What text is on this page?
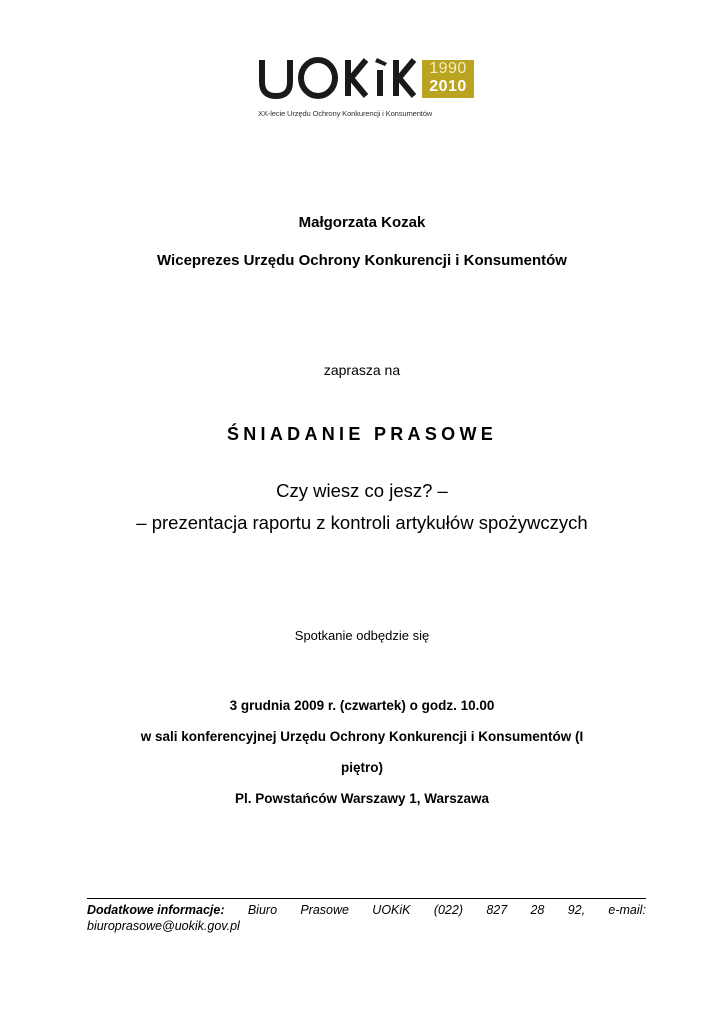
1990
2010
XX-lecie Urzędu Ochrony Konkurencji i Konsumentów
Małgorzata Kozak
Wiceprezes Urzędu Ochrony Konkurencji i Konsumentów
zaprasza na
ŚNIADANIE PRASOWE
Czy wiesz co jesz? –
– prezentacja raportu z kontroli artykułów spożywczych
Spotkanie odbędzie się
3 grudnia 2009 r. (czwartek) o godz. 10.00
w sali konferencyjnej Urzędu Ochrony Konkurencji i Konsumentów (I
piętro)
Pl. Powstańców Warszawy 1, Warszawa
Dodatkowe informacje: Biuro Prasowe UOKiK (022) 827 28 92, e-mail:
biuroprasowe@uokik.gov.pl
